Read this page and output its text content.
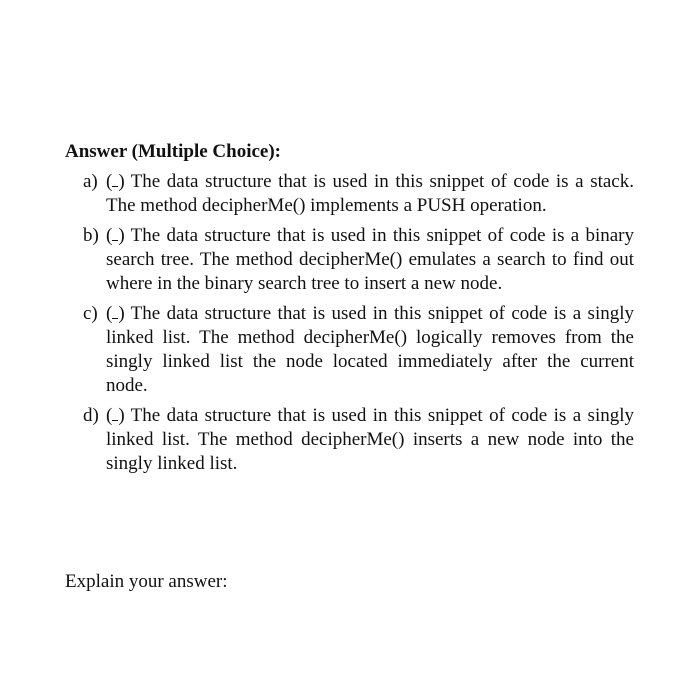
Answer (Multiple Choice):
a) ( ) The data structure that is used in this snippet of code is a stack. The method decipherMe() implements a PUSH operation.
b) ( ) The data structure that is used in this snippet of code is a binary search tree. The method decipherMe() emulates a search to find out where in the binary search tree to insert a new node.
c) ( ) The data structure that is used in this snippet of code is a singly linked list. The method decipherMe() logically removes from the singly linked list the node located immediately after the current node.
d) ( ) The data structure that is used in this snippet of code is a singly linked list. The method decipherMe() inserts a new node into the singly linked list.
Explain your answer:
